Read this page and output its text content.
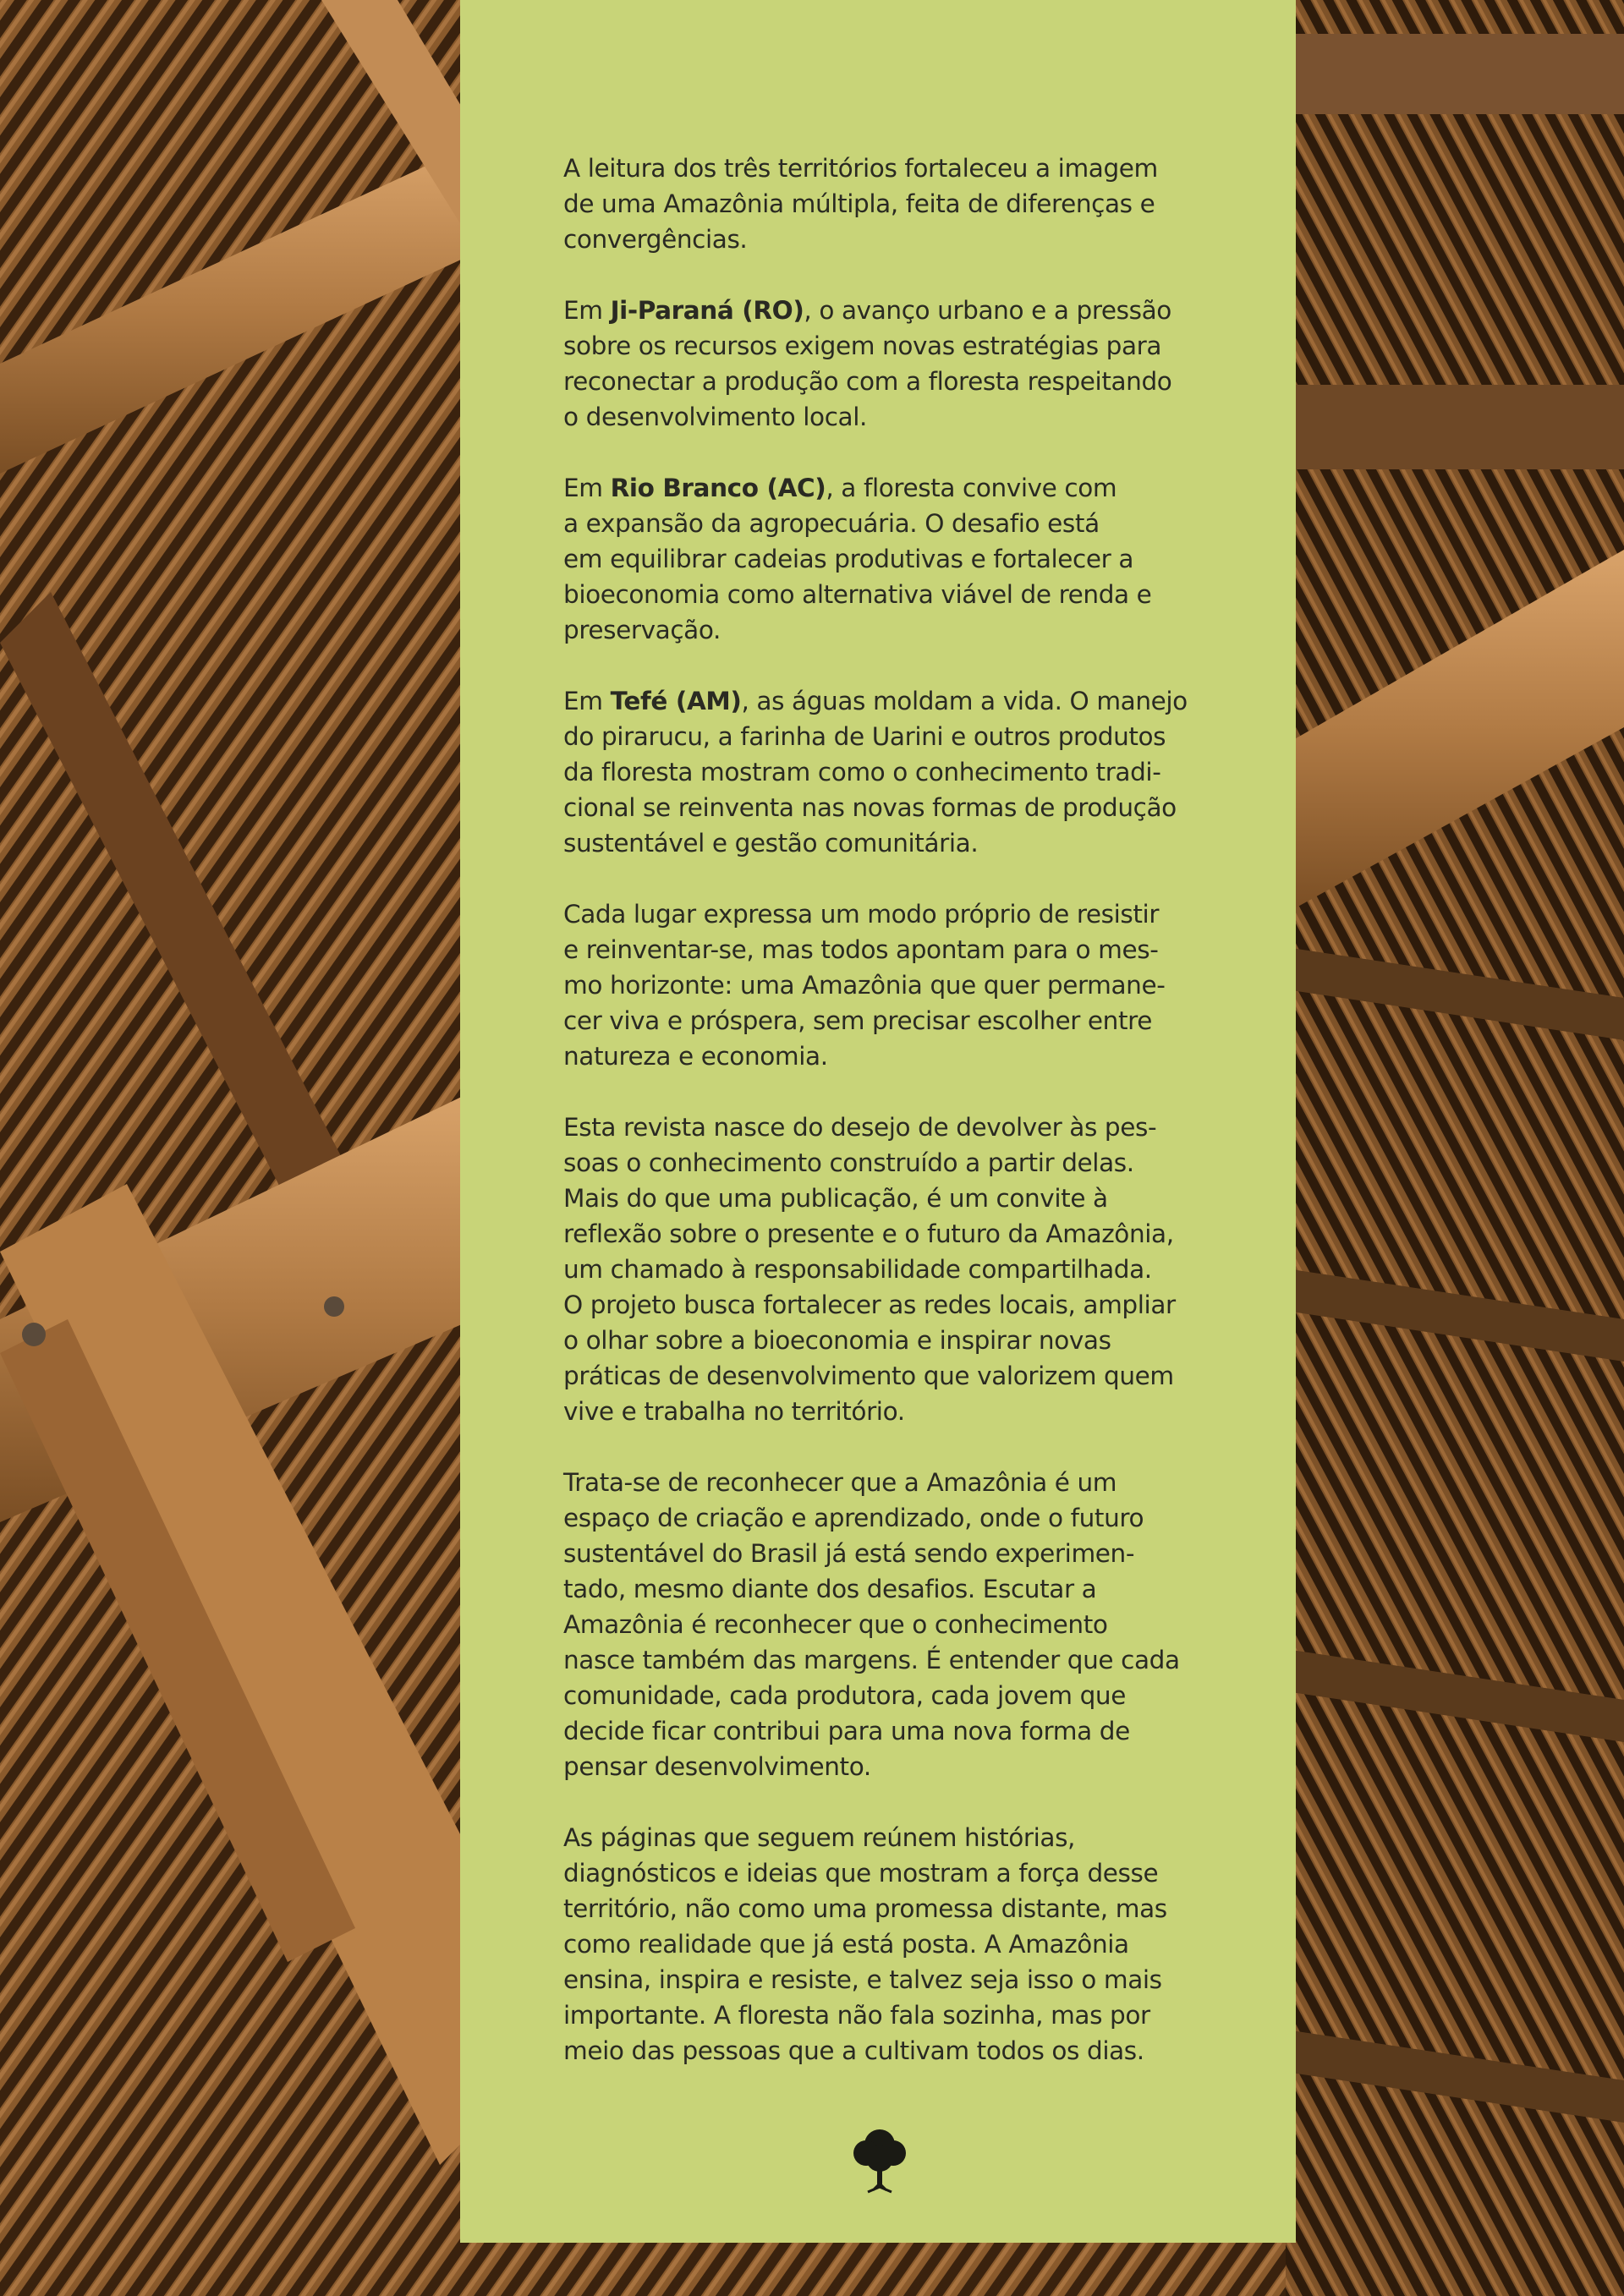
A leitura dos três territórios fortaleceu a imagem
de uma Amazônia múltipla, feita de diferenças e
convergências.

Em Ji-Paraná (RO), o avanço urbano e a pressão
sobre os recursos exigem novas estratégias para
reconectar a produção com a floresta respeitando
o desenvolvimento local.

Em Rio Branco (AC), a floresta convive com
a expansão da agropecuária. O desafio está
em equilibrar cadeias produtivas e fortalecer a
bioeconomia como alternativa viável de renda e
preservação.

Em Tefé (AM), as águas moldam a vida. O manejo
do pirarucu, a farinha de Uarini e outros produtos
da floresta mostram como o conhecimento tradi-
cional se reinventa nas novas formas de produção
sustentável e gestão comunitária.

Cada lugar expressa um modo próprio de resistir
e reinventar-se, mas todos apontam para o mes-
mo horizonte: uma Amazônia que quer permane-
cer viva e próspera, sem precisar escolher entre
natureza e economia.

Esta revista nasce do desejo de devolver às pes-
soas o conhecimento construído a partir delas.
Mais do que uma publicação, é um convite à
reflexão sobre o presente e o futuro da Amazônia,
um chamado à responsabilidade compartilhada.
O projeto busca fortalecer as redes locais, ampliar
o olhar sobre a bioeconomia e inspirar novas
práticas de desenvolvimento que valorizem quem
vive e trabalha no território.

Trata-se de reconhecer que a Amazônia é um
espaço de criação e aprendizado, onde o futuro
sustentável do Brasil já está sendo experimen-
tado, mesmo diante dos desafios. Escutar a
Amazônia é reconhecer que o conhecimento
nasce também das margens. É entender que cada
comunidade, cada produtora, cada jovem que
decide ficar contribui para uma nova forma de
pensar desenvolvimento.

As páginas que seguem reúnem histórias,
diagnósticos e ideias que mostram a força desse
território, não como uma promessa distante, mas
como realidade que já está posta. A Amazônia
ensina, inspira e resiste, e talvez seja isso o mais
importante. A floresta não fala sozinha, mas por
meio das pessoas que a cultivam todos os dias.
